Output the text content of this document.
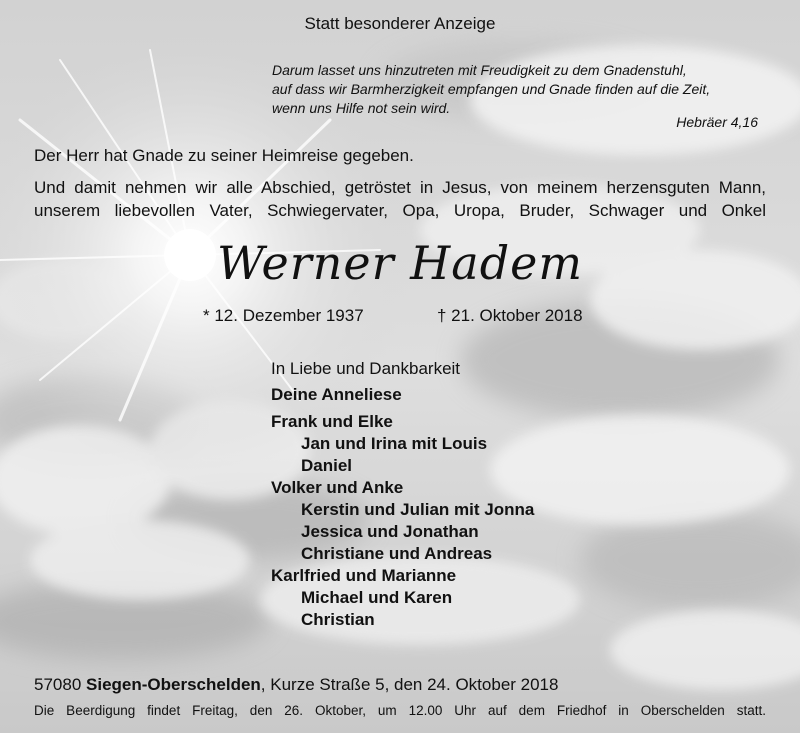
Statt besonderer Anzeige
Darum lasset uns hinzutreten mit Freudigkeit zu dem Gnadenstuhl,
auf dass wir Barmherzigkeit empfangen und Gnade finden auf die Zeit,
wenn uns Hilfe not sein wird.
Hebräer 4,16
Der Herr hat Gnade zu seiner Heimreise gegeben.
Und damit nehmen wir alle Abschied, getröstet in Jesus, von meinem herzensguten Mann,
unserem liebevollen Vater, Schwiegervater, Opa, Uropa, Bruder, Schwager und Onkel
Werner Hadem
* 12. Dezember 1937	† 21. Oktober 2018
In Liebe und Dankbarkeit
Deine Anneliese
Frank und Elke
Jan und Irina mit Louis
Daniel
Volker und Anke
Kerstin und Julian mit Jonna
Jessica und Jonathan
Christiane und Andreas
Karlfried und Marianne
Michael und Karen
Christian
57080 Siegen-Oberschelden, Kurze Straße 5, den 24. Oktober 2018
Die Beerdigung findet Freitag, den 26. Oktober, um 12.00 Uhr auf dem Friedhof in Oberschelden statt.
